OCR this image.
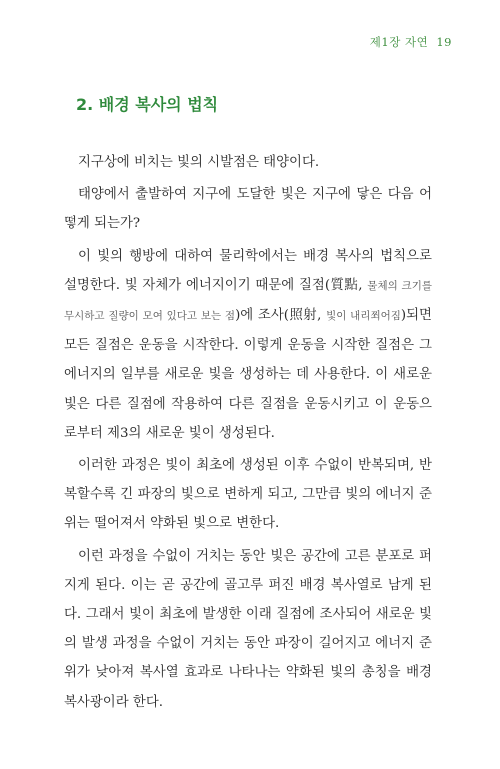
제1장 자연 19
2. 배경 복사의 법칙

지구상에 비치는 빛의 시발점은 태양이다.

태양에서 출발하여 지구에 도달한 빛은 지구에 닿은 다음 어떻게 되는가?

이 빛의 행방에 대하여 물리학에서는 배경 복사의 법칙으로 설명한다. 빛 자체가 에너지이기 때문에 질점(質點, 물체의 크기를 무시하고 질량이 모여 있다고 보는 점)에 조사(照射, 빛이 내리쬐어짐)되면 모든 질점은 운동을 시작한다. 이렇게 운동을 시작한 질점은 그 에너지의 일부를 새로운 빛을 생성하는 데 사용한다. 이 새로운 빛은 다른 질점에 작용하여 다른 질점을 운동시키고 이 운동으로부터 제3의 새로운 빛이 생성된다.

이러한 과정은 빛이 최초에 생성된 이후 수없이 반복되며, 반복할수록 긴 파장의 빛으로 변하게 되고, 그만큼 빛의 에너지 준위는 떨어져서 약화된 빛으로 변한다.

이런 과정을 수없이 거치는 동안 빛은 공간에 고른 분포로 퍼지게 된다. 이는 곧 공간에 골고루 퍼진 배경 복사열로 남게 된다. 그래서 빛이 최초에 발생한 이래 질점에 조사되어 새로운 빛의 발생 과정을 수없이 거치는 동안 파장이 길어지고 에너지 준위가 낮아져 복사열 효과로 나타나는 약화된 빛의 총칭을 배경 복사광이라 한다.
